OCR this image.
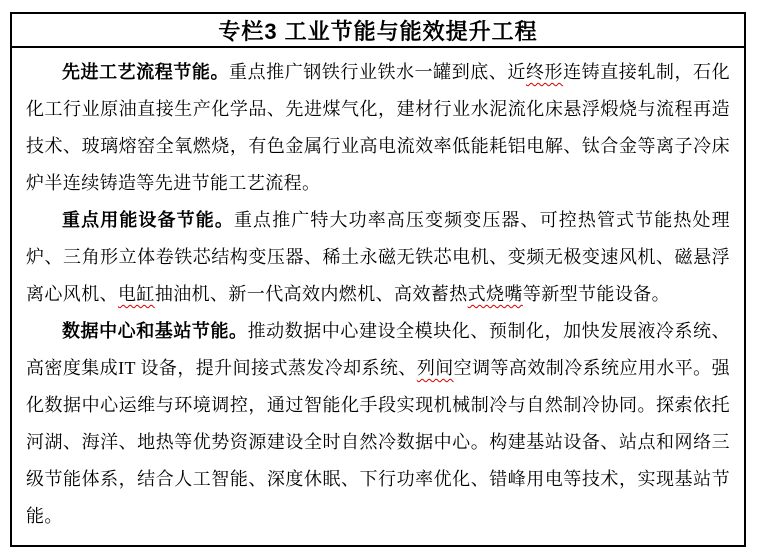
专栏3 工业节能与能效提升工程

先进工艺流程节能。重点推广钢铁行业铁水一罐到底、近终形连铸直接轧制，石化化工行业原油直接生产化学品、先进煤气化，建材行业水泥流化床悬浮煅烧与流程再造技术、玻璃熔窑全氧燃烧，有色金属行业高电流效率低能耗铝电解、钛合金等离子冷床炉半连续铸造等先进节能工艺流程。

重点用能设备节能。重点推广特大功率高压变频变压器、可控热管式节能热处理炉、三角形立体卷铁芯结构变压器、稀土永磁无铁芯电机、变频无极变速风机、磁悬浮离心风机、电缸抽油机、新一代高效内燃机、高效蓄热式烧嘴等新型节能设备。

数据中心和基站节能。推动数据中心建设全模块化、预制化，加快发展液冷系统、高密度集成IT 设备，提升间接式蒸发冷却系统、列间空调等高效制冷系统应用水平。强化数据中心运维与环境调控，通过智能化手段实现机械制冷与自然制冷协同。探索依托河湖、海洋、地热等优势资源建设全时自然冷数据中心。构建基站设备、站点和网络三级节能体系，结合人工智能、深度休眠、下行功率优化、错峰用电等技术，实现基站节能。
